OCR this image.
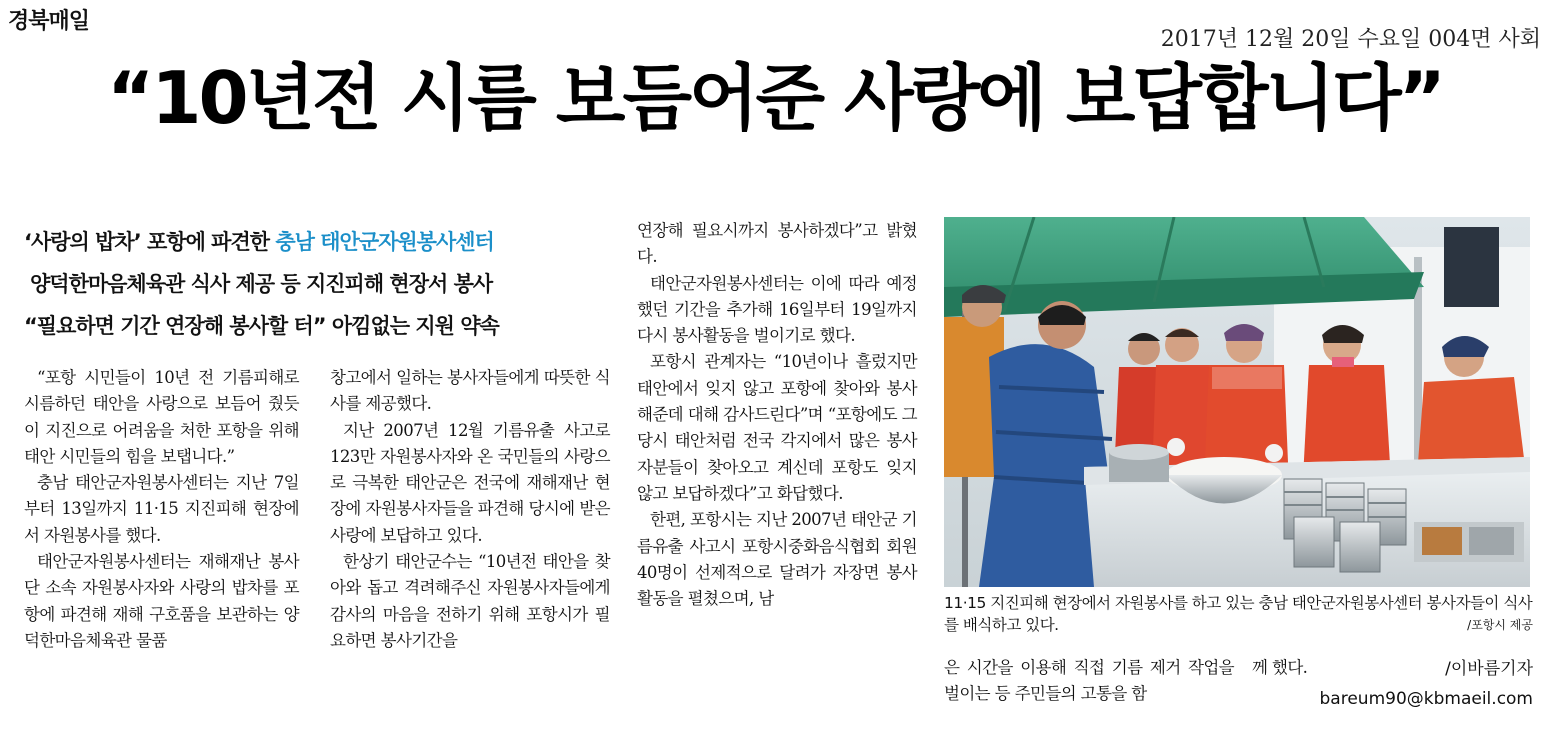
경북매일
2017년 12월 20일 수요일 004면 사회
“10년전 시름 보듬어준 사랑에 보답합니다”
‘사랑의 밥차’ 포항에 파견한 충남 태안군자원봉사센터
양덕한마음체육관 식사 제공 등 지진피해 현장서 봉사
“필요하면 기간 연장해 봉사할 터” 아낌없는 지원 약속

“포항 시민들이 10년 전 기름피해로 시름하던 태안을 사랑으로 보듬어 줬듯이 지진으로 어려움을 처한 포항을 위해 태안 시민들의 힘을 보탭니다.”

충남 태안군자원봉사센터는 지난 7일부터 13일까지 11·15 지진피해 현장에서 자원봉사를 했다.

태안군자원봉사센터는 재해재난 봉사단 소속 자원봉사자와 사랑의 밥차를 포항에 파견해 재해 구호품을 보관하는 양덕한마음체육관 물품

창고에서 일하는 봉사자들에게 따뜻한 식사를 제공했다.

지난 2007년 12월 기름유출 사고로 123만 자원봉사자와 온 국민들의 사랑으로 극복한 태안군은 전국에 재해재난 현장에 자원봉사자들을 파견해 당시에 받은 사랑에 보답하고 있다.

한상기 태안군수는 “10년전 태안을 찾아와 돕고 격려해주신 자원봉사자들에게 감사의 마음을 전하기 위해 포항시가 필요하면 봉사기간을

연장해 필요시까지 봉사하겠다”고 밝혔다.

태안군자원봉사센터는 이에 따라 예정했던 기간을 추가해 16일부터 19일까지 다시 봉사활동을 벌이기로 했다.

포항시 관계자는 “10년이나 흘렀지만 태안에서 잊지 않고 포항에 찾아와 봉사해준데 대해 감사드린다”며 “포항에도 그 당시 태안처럼 전국 각지에서 많은 봉사자분들이 찾아오고 계신데 포항도 잊지 않고 보답하겠다”고 화답했다.

한편, 포항시는 지난 2007년 태안군 기름유출 사고시 포항시중화음식협회 회원 40명이 선제적으로 달려가 자장면 봉사 활동을 펼쳤으며, 남	11·15 지진피해 현장에서 자원봉사를 하고 있는 충남 태안군자원봉사센터 봉사자들이 식사를 배식하고 있다.	/포항시 제공

은 시간을 이용해 직접 기름 제거 작업을 벌이는 등 주민들의 고통을 함

께 했다.	/이바름기자
bareum90@kbmaeil.com
